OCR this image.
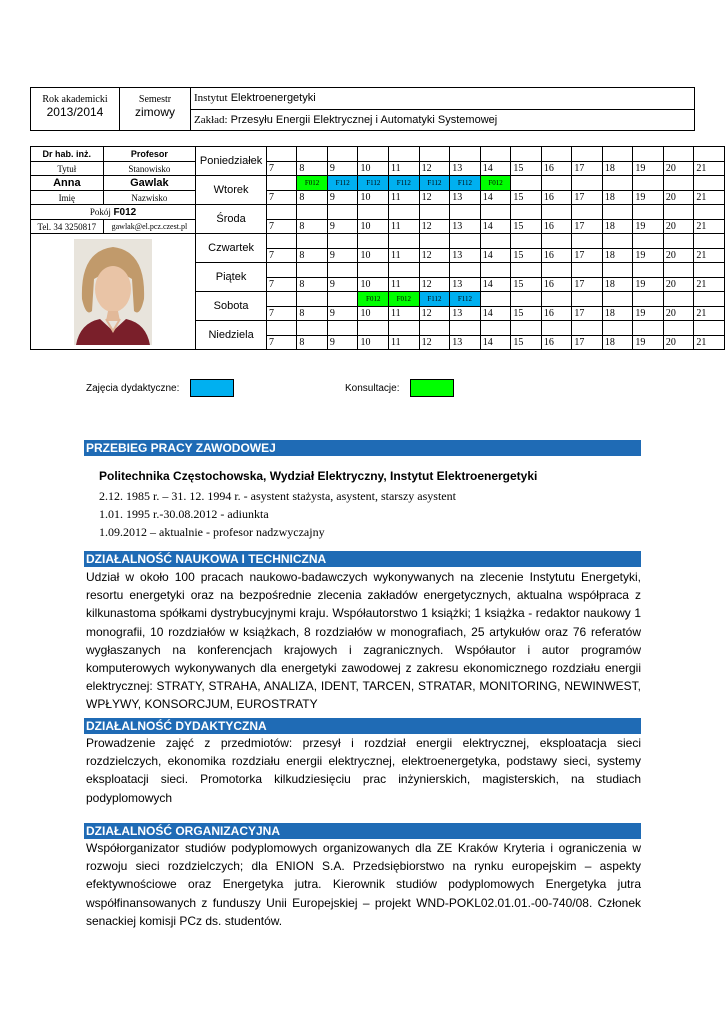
Rok akademicki
2013/2014
Semestr
zimowy
Instytut Elektroenergetyki
Zakład: Przesyłu Energii Elektrycznej i Automatyki Systemowej
Dr hab. inż.	Profesor	Poniedziałek															
Tytuł	Stanowisko		7	8	9	10	11	12	13	14	15	16	17	18	19	20	21
Anna	Gawlak	Wtorek		F012	F112	F112	F112	F112	F112	F012							
Imię	Nazwisko		7	8	9	10	11	12	13	14	15	16	17	18	19	20	21
Pokój F012		Środa															
Tel. 34 3250817	gawlak@el.pcz.czest.pl		7	8	9	10	11	12	13	14	15	16	17	18	19	20	21

	Czwartek															
			7	8	9	10	11	12	13	14	15	16	17	18	19	20	21
		Piątek															
			7	8	9	10	11	12	13	14	15	16	17	18	19	20	21
		Sobota				F012	F012	F112	F112								
			7	8	9	10	11	12	13	14	15	16	17	18	19	20	21
		Niedziela															
			7	8	9	10	11	12	13	14	15	16	17	18	19	20	21
Zajęcia dydaktyczne:	Konsultacje:
PRZEBIEG PRACY ZAWODOWEJ
Politechnika Częstochowska, Wydział Elektryczny, Instytut Elektroenergetyki
2.12. 1985 r. – 31. 12. 1994 r. - asystent stażysta, asystent, starszy asystent
1.01. 1995 r.-30.08.2012 - adiunkta
1.09.2012 – aktualnie - profesor nadzwyczajny
DZIAŁALNOŚĆ NAUKOWA I TECHNICZNA

Udział w około 100 pracach naukowo-badawczych wykonywanych na zlecenie Instytutu Energetyki, resortu energetyki oraz na bezpośrednie zlecenia zakładów energetycznych, aktualna współpraca z kilkunastoma spółkami dystrybucyjnymi kraju. Współautorstwo 1 książki; 1 książka - redaktor naukowy 1 monografii, 10 rozdziałów w książkach, 8 rozdziałów w monografiach, 25 artykułów oraz 76 referatów wygłaszanych na konferencjach krajowych i zagranicznych. Współautor i autor programów komputerowych wykonywanych dla energetyki zawodowej z zakresu ekonomicznego rozdziału energii elektrycznej: STRATY, STRAHA, ANALIZA, IDENT, TARCEN, STRATAR, MONITORING, NEWINWEST, WPŁYWY, KONSORCJUM, EUROSTRATY

DZIAŁALNOŚĆ DYDAKTYCZNA

Prowadzenie zajęć z przedmiotów: przesył i rozdział energii elektrycznej, eksploatacja sieci rozdzielczych, ekonomika rozdziału energii elektrycznej, elektroenergetyka, podstawy sieci, systemy eksploatacji sieci. Promotorka kilkudziesięciu prac inżynierskich, magisterskich, na studiach podyplomowych

DZIAŁALNOŚĆ ORGANIZACYJNA

Współorganizator studiów podyplomowych organizowanych dla ZE Kraków Kryteria i ograniczenia w rozwoju sieci rozdzielczych; dla ENION S.A. Przedsiębiorstwo na rynku europejskim – aspekty efektywnościowe oraz Energetyka jutra. Kierownik studiów podyplomowych Energetyka jutra współfinansowanych z funduszy Unii Europejskiej – projekt WND-POKL02.01.01.-00-740/08. Członek senackiej komisji PCz ds. studentów.
